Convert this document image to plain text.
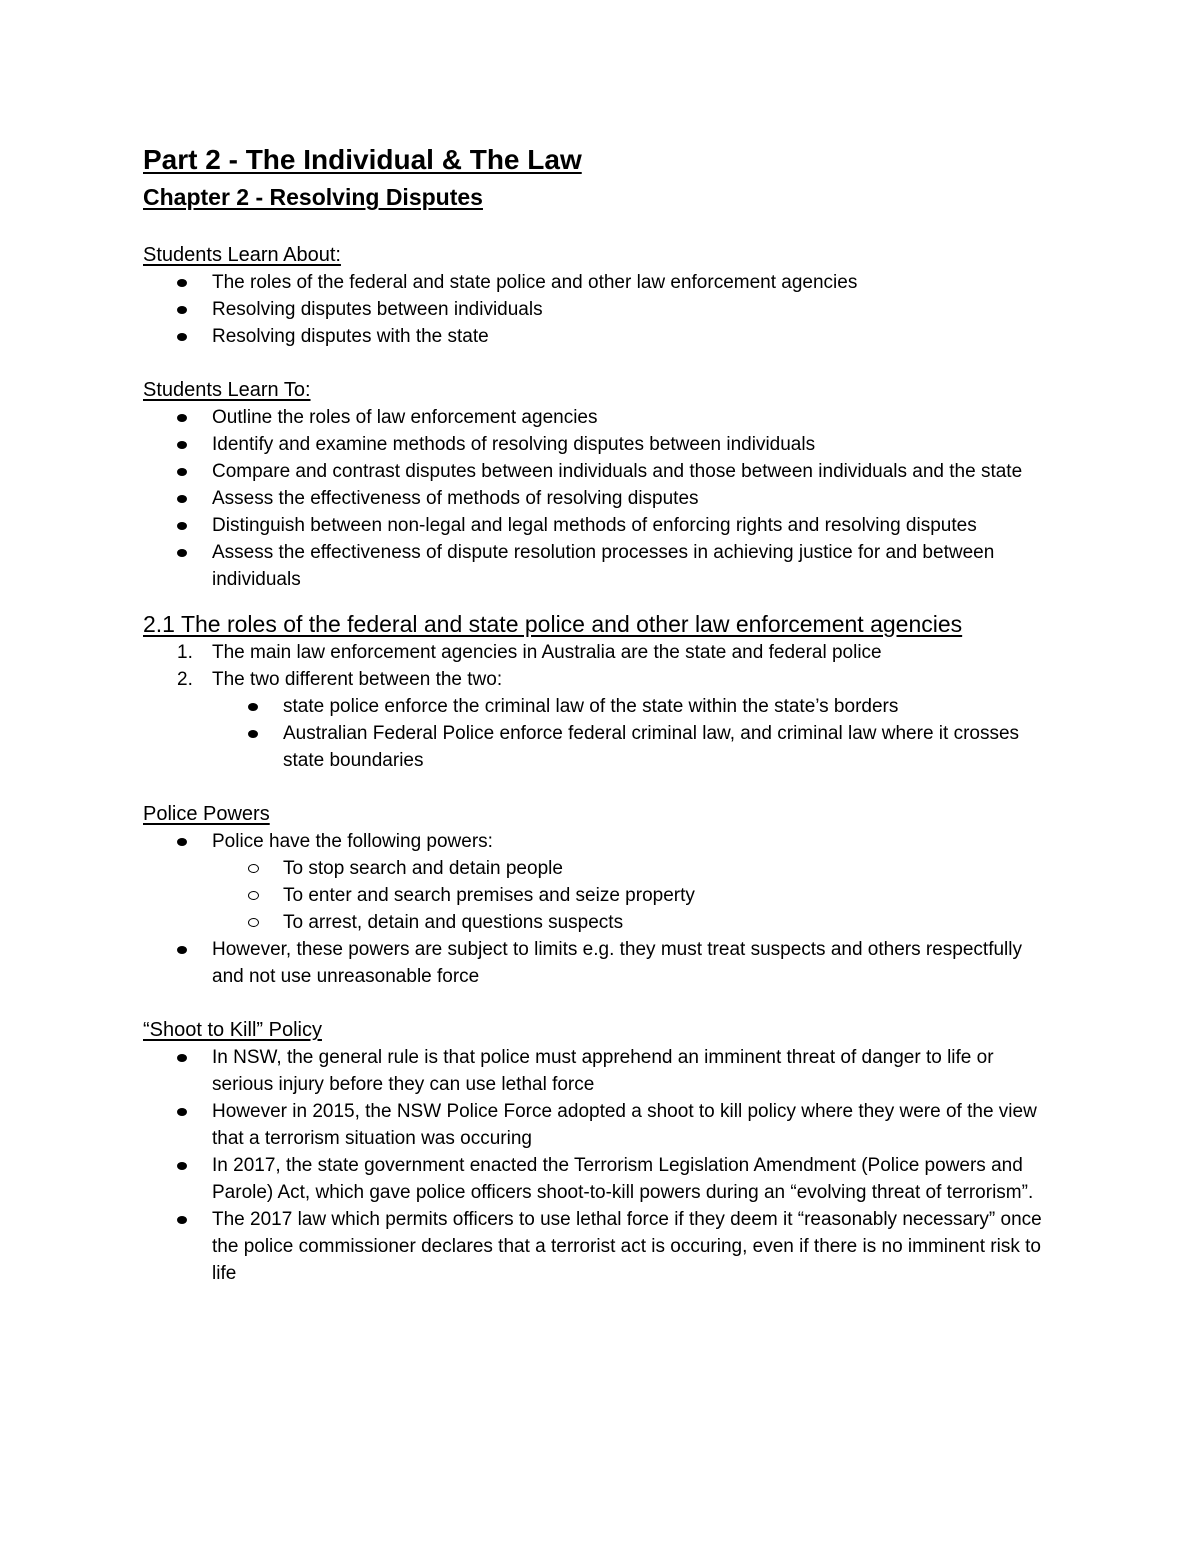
Part 2 - The Individual & The Law
Chapter 2 - Resolving Disputes
Students Learn About:
The roles of the federal and state police and other law enforcement agencies
Resolving disputes between individuals
Resolving disputes with the state
Students Learn To:
Outline the roles of law enforcement agencies
Identify and examine methods of resolving disputes between individuals
Compare and contrast disputes between individuals and those between individuals and the state
Assess the effectiveness of methods of resolving disputes
Distinguish between non-legal and legal methods of enforcing rights and resolving disputes
Assess the effectiveness of dispute resolution processes in achieving justice for and between individuals
2.1 The roles of the federal and state police and other law enforcement agencies
1. The main law enforcement agencies in Australia are the state and federal police
2. The two different between the two:
state police enforce the criminal law of the state within the state’s borders
Australian Federal Police enforce federal criminal law, and criminal law where it crosses state boundaries
Police Powers
Police have the following powers:
To stop search and detain people
To enter and search premises and seize property
To arrest, detain and questions suspects
However, these powers are subject to limits e.g. they must treat suspects and others respectfully and not use unreasonable force
“Shoot to Kill” Policy
In NSW, the general rule is that police must apprehend an imminent threat of danger to life or serious injury before they can use lethal force
However in 2015, the NSW Police Force adopted a shoot to kill policy where they were of the view that a terrorism situation was occuring
In 2017, the state government enacted the Terrorism Legislation Amendment (Police powers and Parole) Act, which gave police officers shoot-to-kill powers during an “evolving threat of terrorism”.
The 2017 law which permits officers to use lethal force if they deem it “reasonably necessary” once the police commissioner declares that a terrorist act is occuring, even if there is no imminent risk to life
